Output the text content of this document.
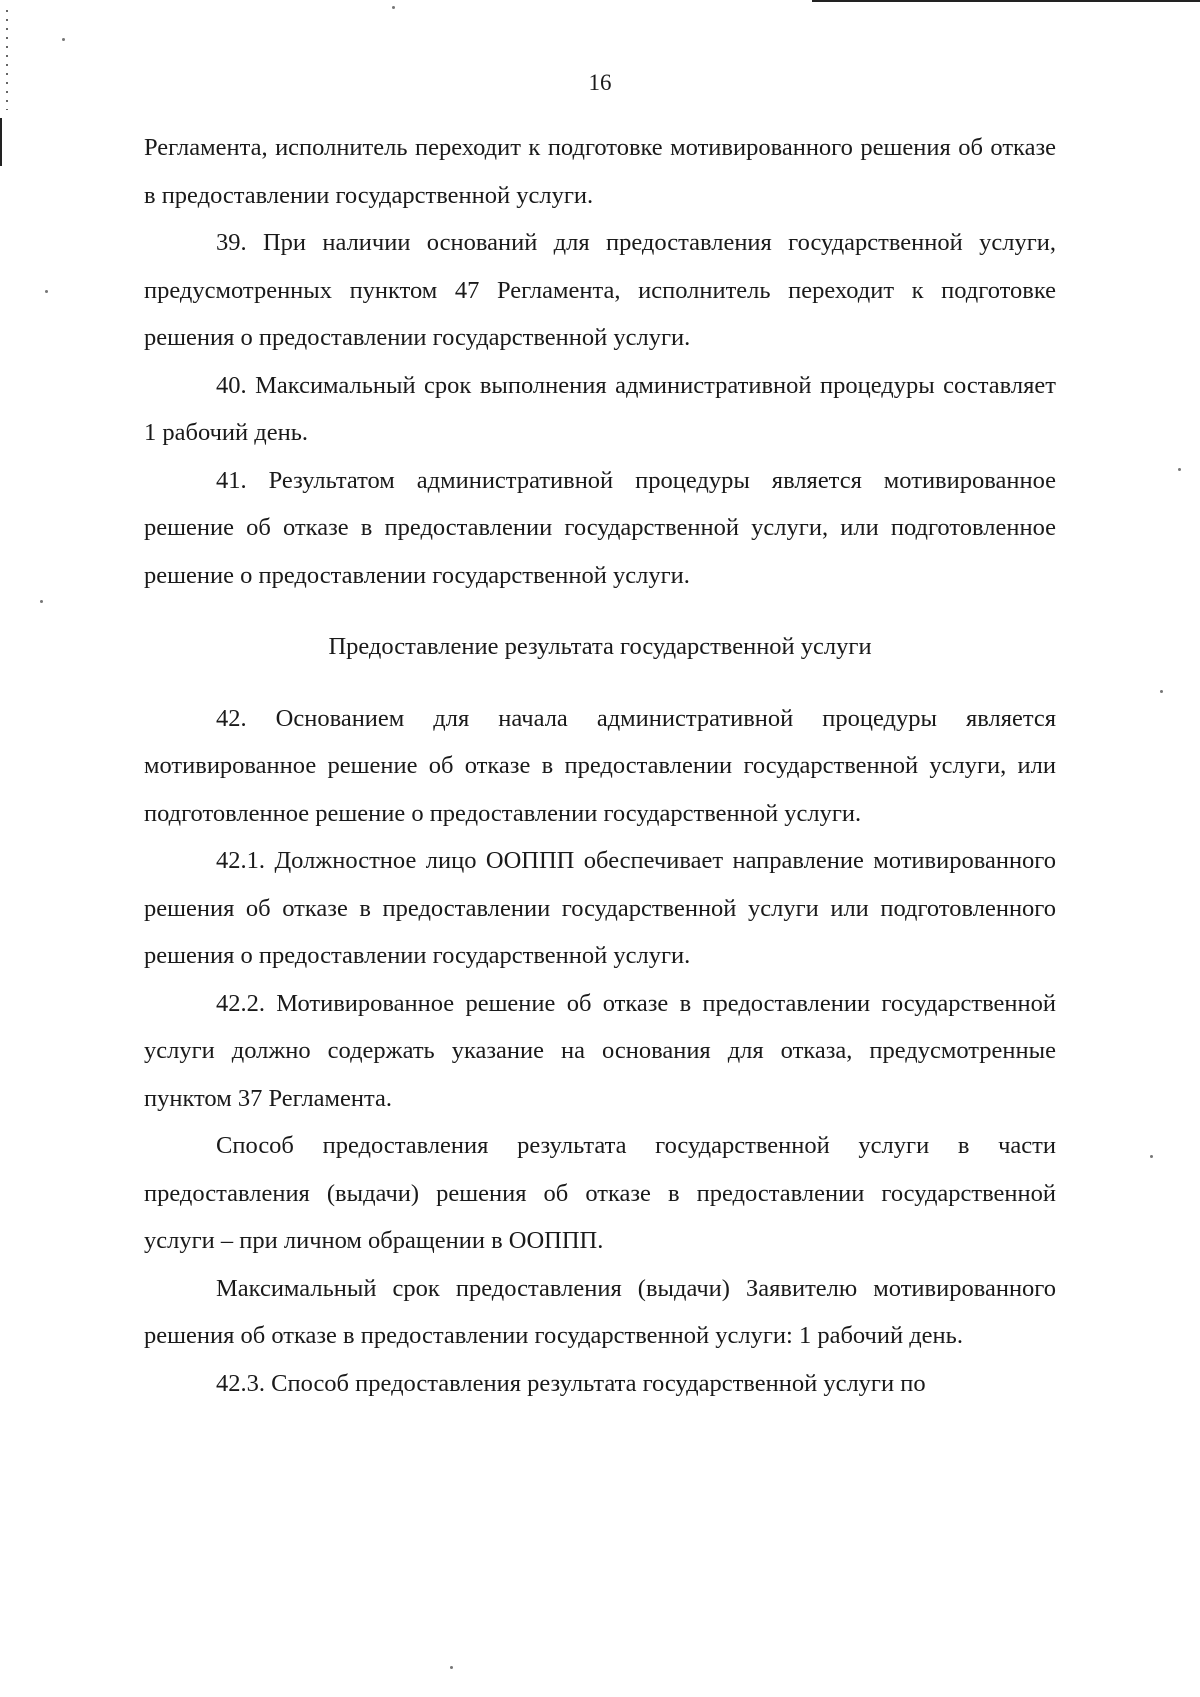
16

Регламента, исполнитель переходит к подготовке мотивированного решения об отказе в предоставлении государственной услуги.

39. При наличии оснований для предоставления государственной услуги, предусмотренных пунктом 47 Регламента, исполнитель переходит к подготовке решения о предоставлении государственной услуги.

40. Максимальный срок выполнения административной процедуры составляет 1 рабочий день.

41. Результатом административной процедуры является мотивированное решение об отказе в предоставлении государственной услуги, или подготовленное решение о предоставлении государственной услуги.

Предоставление результата государственной услуги

42. Основанием для начала административной процедуры является мотивированное решение об отказе в предоставлении государственной услуги, или подготовленное решение о предоставлении государственной услуги.

42.1. Должностное лицо ООППП обеспечивает направление мотивированного решения об отказе в предоставлении государственной услуги или подготовленного решения о предоставлении государственной услуги.

42.2. Мотивированное решение об отказе в предоставлении государственной услуги должно содержать указание на основания для отказа, предусмотренные пунктом 37 Регламента.

Способ предоставления результата государственной услуги в части предоставления (выдачи) решения об отказе в предоставлении государственной услуги – при личном обращении в ООППП.

Максимальный срок предоставления (выдачи) Заявителю мотивированного решения об отказе в предоставлении государственной услуги: 1 рабочий день.

42.3. Способ предоставления результата государственной услуги по
